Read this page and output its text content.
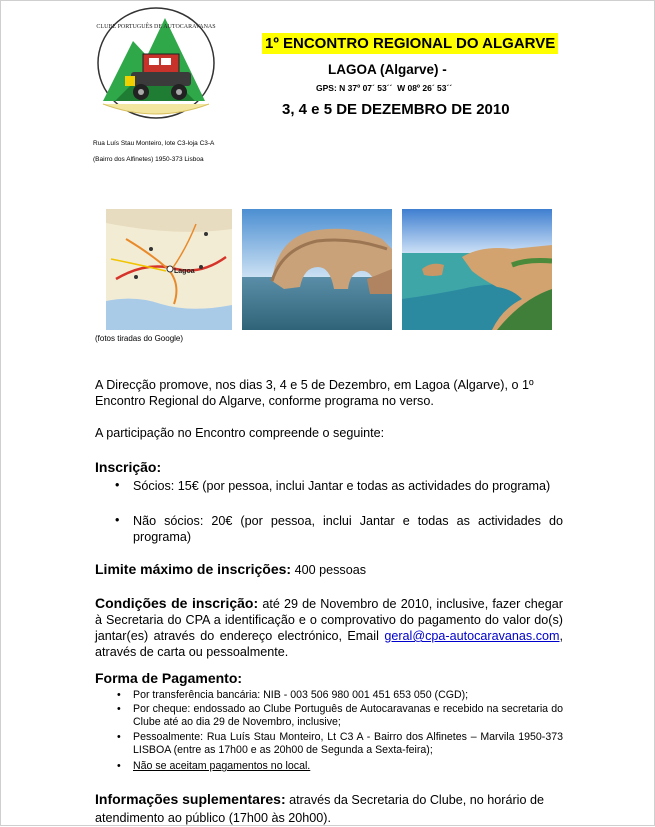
CLUBE PORTUGUÊS DE AUTOCARAVANAS
1º ENCONTRO REGIONAL DO ALGARVE
LAGOA (Algarve) -
GPS: N 37º 07´ 53´´ W 08º 26´ 53´´
3, 4 e 5 DE DEZEMBRO DE 2010
Rua Luís Stau Monteiro, lote C3-loja C3-A
(Bairro dos Alfinetes) 1950-373 Lisboa
Lagoa
(fotos tiradas do Google)
A Direcção promove, nos dias 3, 4 e 5 de Dezembro, em Lagoa (Algarve), o 1º Encontro Regional do Algarve, conforme programa no verso.
A participação no Encontro compreende o seguinte:
Inscrição:
• Sócios: 15€ (por pessoa, inclui Jantar e todas as actividades do programa)
• Não sócios: 20€ (por pessoa, inclui Jantar e todas as actividades do programa)
Limite máximo de inscrições: 400 pessoas
Condições de inscrição: até 29 de Novembro de 2010, inclusive, fazer chegar à Secretaria do CPA a identificação e o comprovativo do pagamento do valor do(s) jantar(es) através do endereço electrónico, Email geral@cpa-autocaravanas.com, através de carta ou pessoalmente.
Forma de Pagamento:
• Por transferência bancária: NIB - 003 506 980 001 451 653 050 (CGD);
• Por cheque: endossado ao Clube Português de Autocaravanas e recebido na secretaria do Clube até ao dia 29 de Novembro, inclusive;
• Pessoalmente: Rua Luís Stau Monteiro, Lt C3 A - Bairro dos Alfinetes – Marvila 1950-373 LISBOA (entre as 17h00 e as 20h00 de Segunda a Sexta-feira);
• Não se aceitam pagamentos no local.
Informações suplementares: através da Secretaria do Clube, no horário de atendimento ao público (17h00 às 20h00).
